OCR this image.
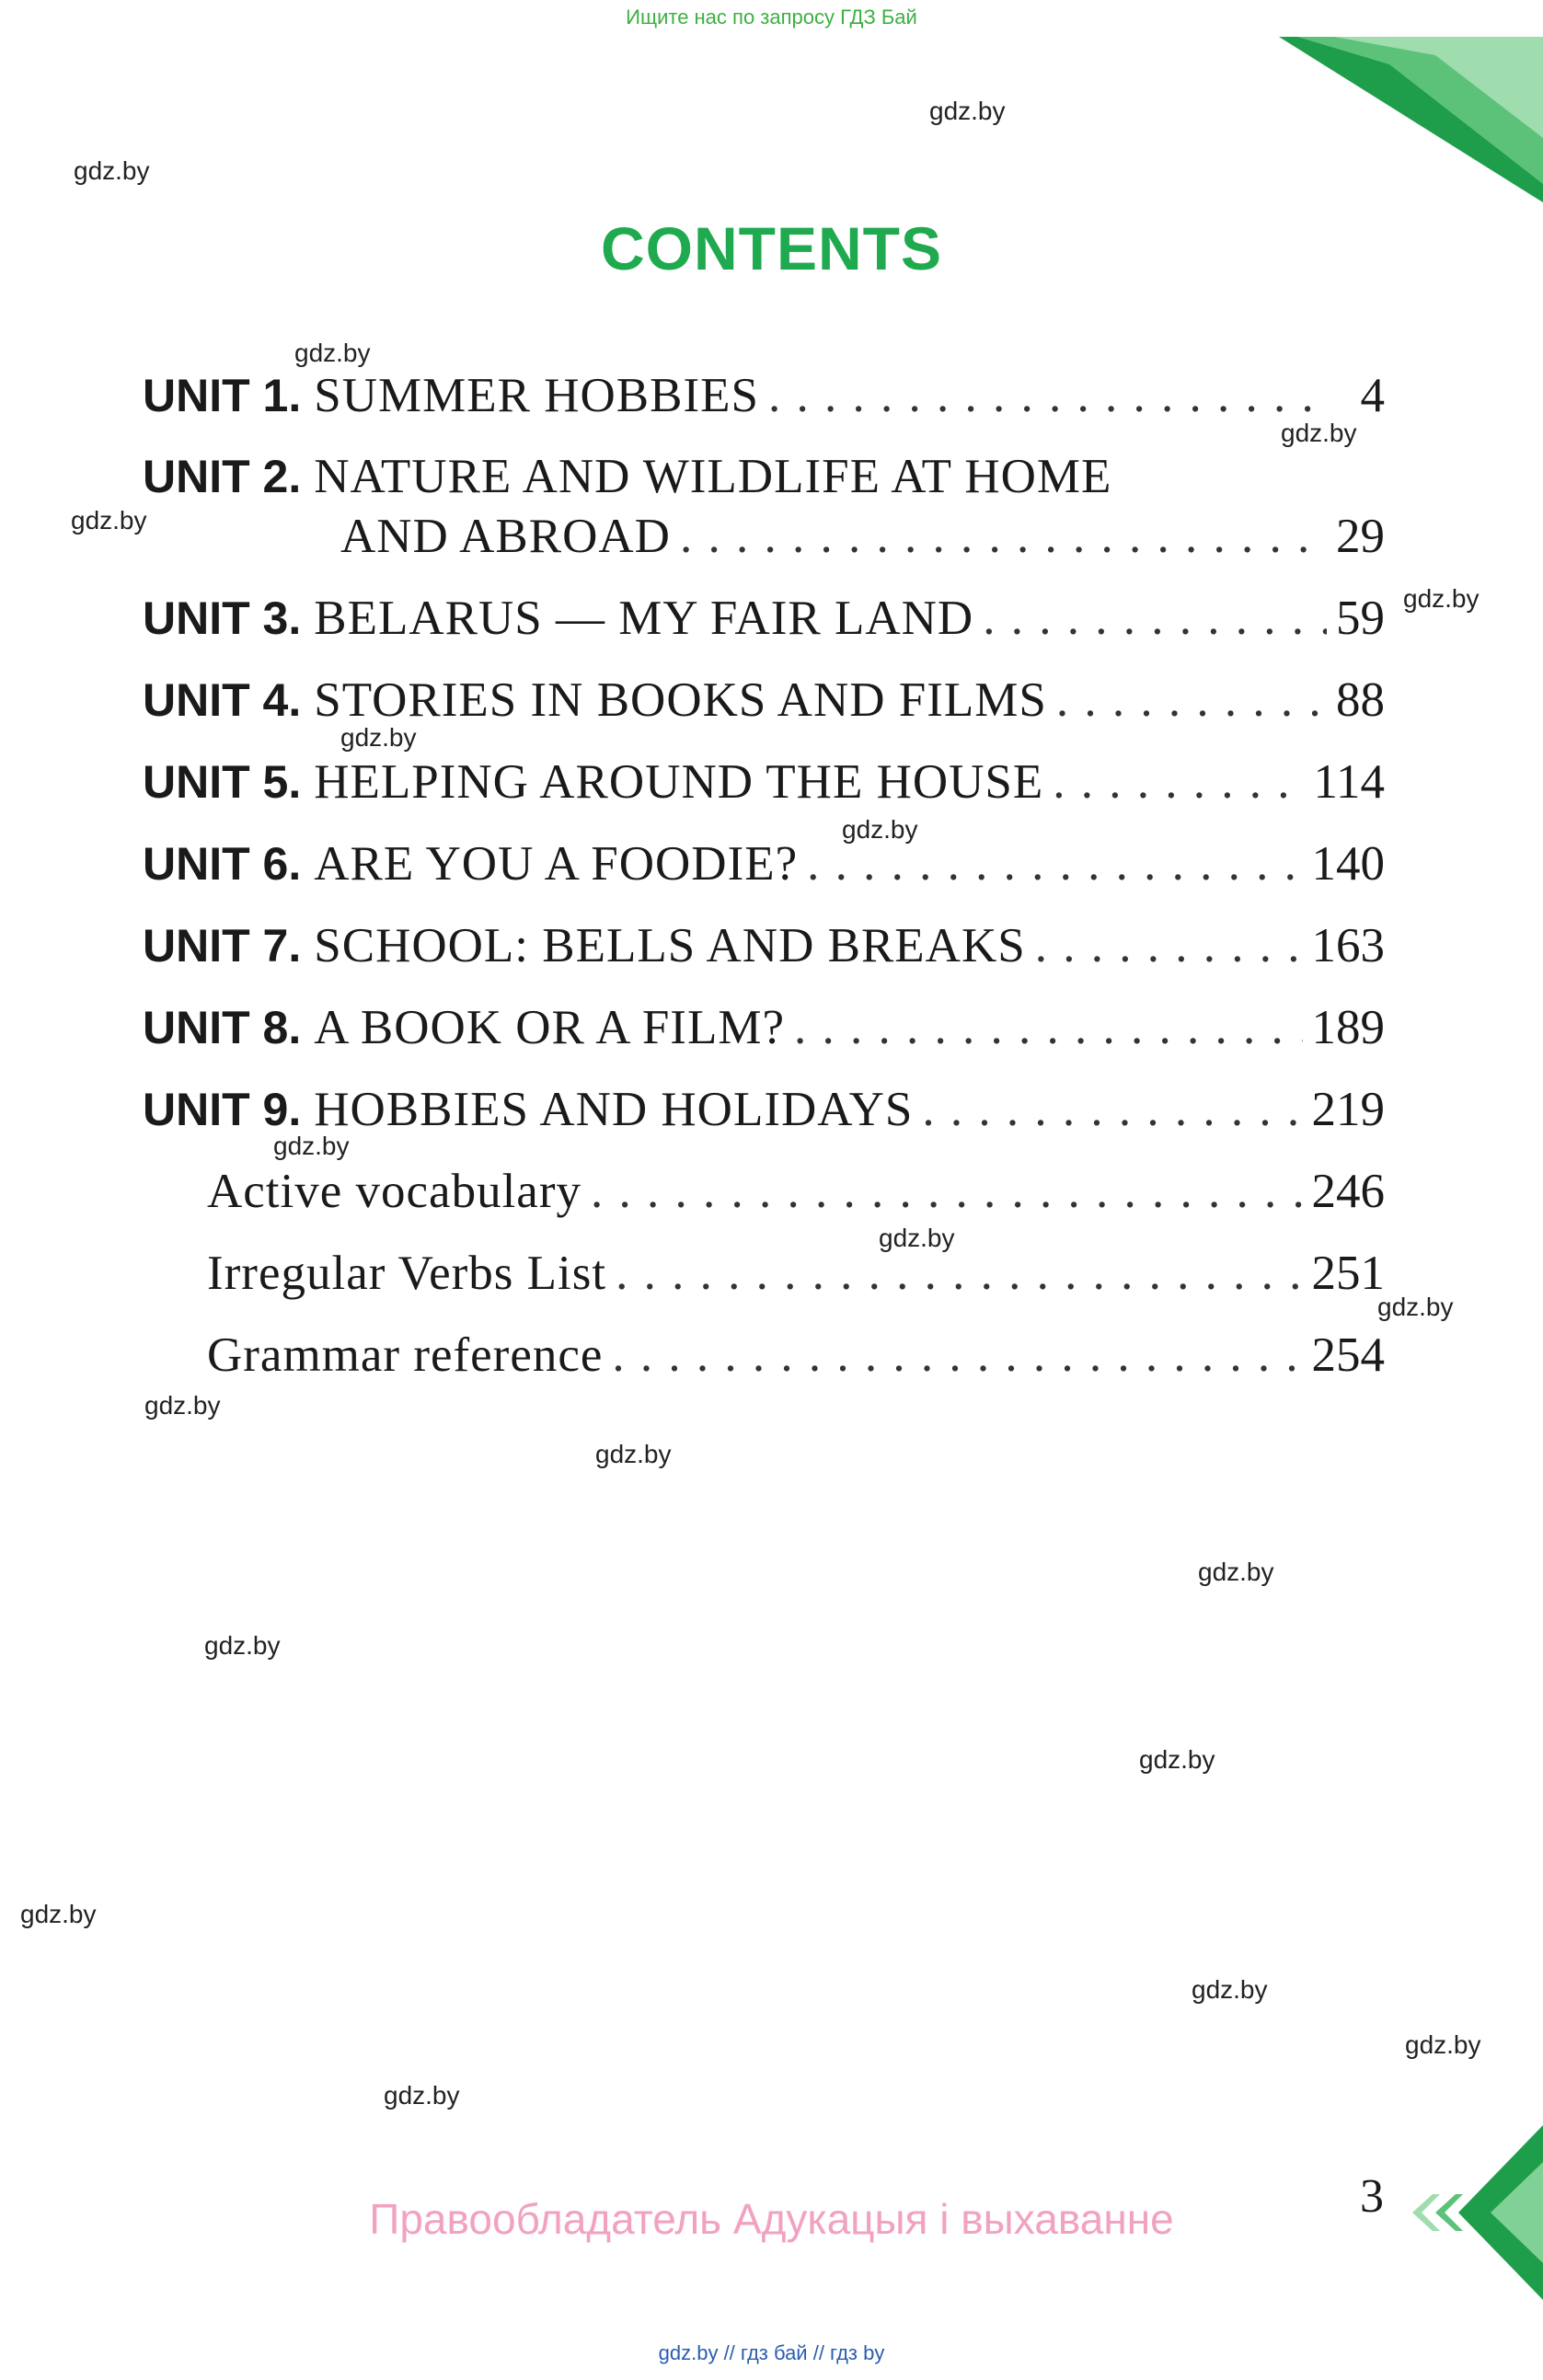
Ищите нас по запросу ГДЗ Бай
CONTENTS
UNIT 1. SUMMER HOBBIES . . .	4
UNIT 2. NATURE AND WILDLIFE AT HOME
AND ABROAD . . .	29
UNIT 3. BELARUS — MY FAIR LAND . . .	59
UNIT 4. STORIES IN BOOKS AND FILMS . . .	88
UNIT 5. HELPING AROUND THE HOUSE . . .	114
UNIT 6. ARE YOU A FOODIE? . . .	140
UNIT 7. SCHOOL: BELLS AND BREAKS . . .	163
UNIT 8. A BOOK OR A FILM? . . .	189
UNIT 9. HOBBIES AND HOLIDAYS . . .	219
Active vocabulary . . .	246
Irregular Verbs List . . .	251
Grammar reference . . .	254
gdz.by
gdz.by
gdz.by
gdz.by
gdz.by
gdz.by
gdz.by
gdz.by
gdz.by
gdz.by
gdz.by
gdz.by
gdz.by
gdz.by
gdz.by
gdz.by
gdz.by
gdz.by
gdz.by
gdz.by
Правообладатель Адукацыя і выхаванне	3
gdz.by // гдз бай // гдз by
